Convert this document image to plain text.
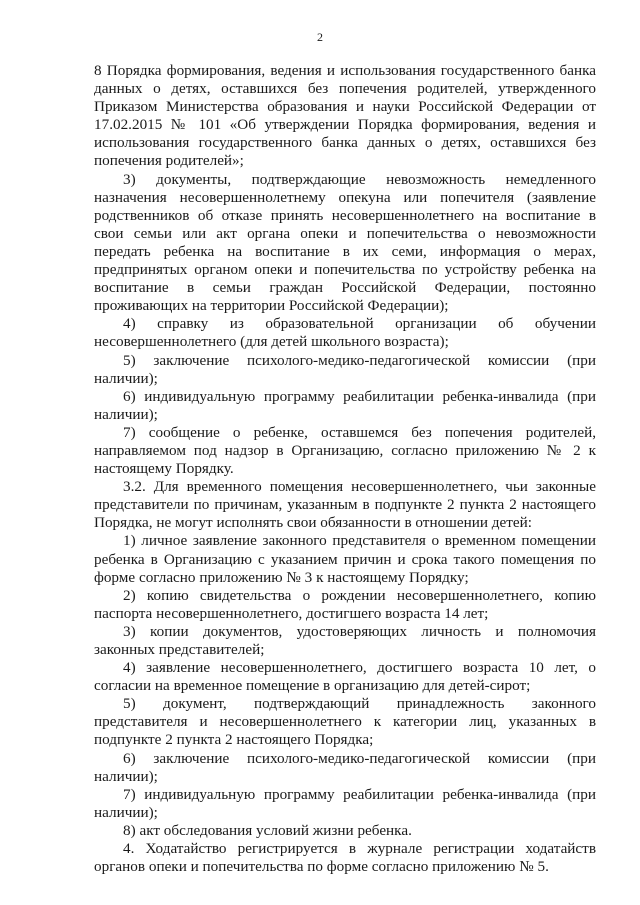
2

8 Порядка формирования, ведения и использования государственного банка данных о детях, оставшихся без попечения родителей, утвержденного Приказом Министерства образования и науки Российской Федерации от 17.02.2015 № 101 «Об утверждении Порядка формирования, ведения и использования государственного банка данных о детях, оставшихся без попечения родителей»;

3) документы, подтверждающие невозможность немедленного назначения несовершеннолетнему опекуна или попечителя (заявление родственников об отказе принять несовершеннолетнего на воспитание в свои семьи или акт органа опеки и попечительства о невозможности передать ребенка на воспитание в их семи, информация о мерах, предпринятых органом опеки и попечительства по устройству ребенка на воспитание в семьи граждан Российской Федерации, постоянно проживающих на территории Российской Федерации);

4) справку из образовательной организации об обучении несовершеннолетнего (для детей школьного возраста);

5) заключение психолого-медико-педагогической комиссии (при наличии);

6) индивидуальную программу реабилитации ребенка-инвалида (при наличии);

7) сообщение о ребенке, оставшемся без попечения родителей, направляемом под надзор в Организацию, согласно приложению № 2 к настоящему Порядку.

3.2. Для временного помещения несовершеннолетнего, чьи законные представители по причинам, указанным в подпункте 2 пункта 2 настоящего Порядка, не могут исполнять свои обязанности в отношении детей:

1) личное заявление законного представителя о временном помещении ребенка в Организацию с указанием причин и срока такого помещения по форме согласно приложению № 3 к настоящему Порядку;

2) копию свидетельства о рождении несовершеннолетнего, копию паспорта несовершеннолетнего, достигшего возраста 14 лет;

3) копии документов, удостоверяющих личность и полномочия законных представителей;

4) заявление несовершеннолетнего, достигшего возраста 10 лет, о согласии на временное помещение в организацию для детей-сирот;

5) документ, подтверждающий принадлежность законного представителя и несовершеннолетнего к категории лиц, указанных в подпункте 2 пункта 2 настоящего Порядка;

6) заключение психолого-медико-педагогической комиссии (при наличии);

7) индивидуальную программу реабилитации ребенка-инвалида (при наличии);

8) акт обследования условий жизни ребенка.

4. Ходатайство регистрируется в журнале регистрации ходатайств органов опеки и попечительства по форме согласно приложению № 5.
